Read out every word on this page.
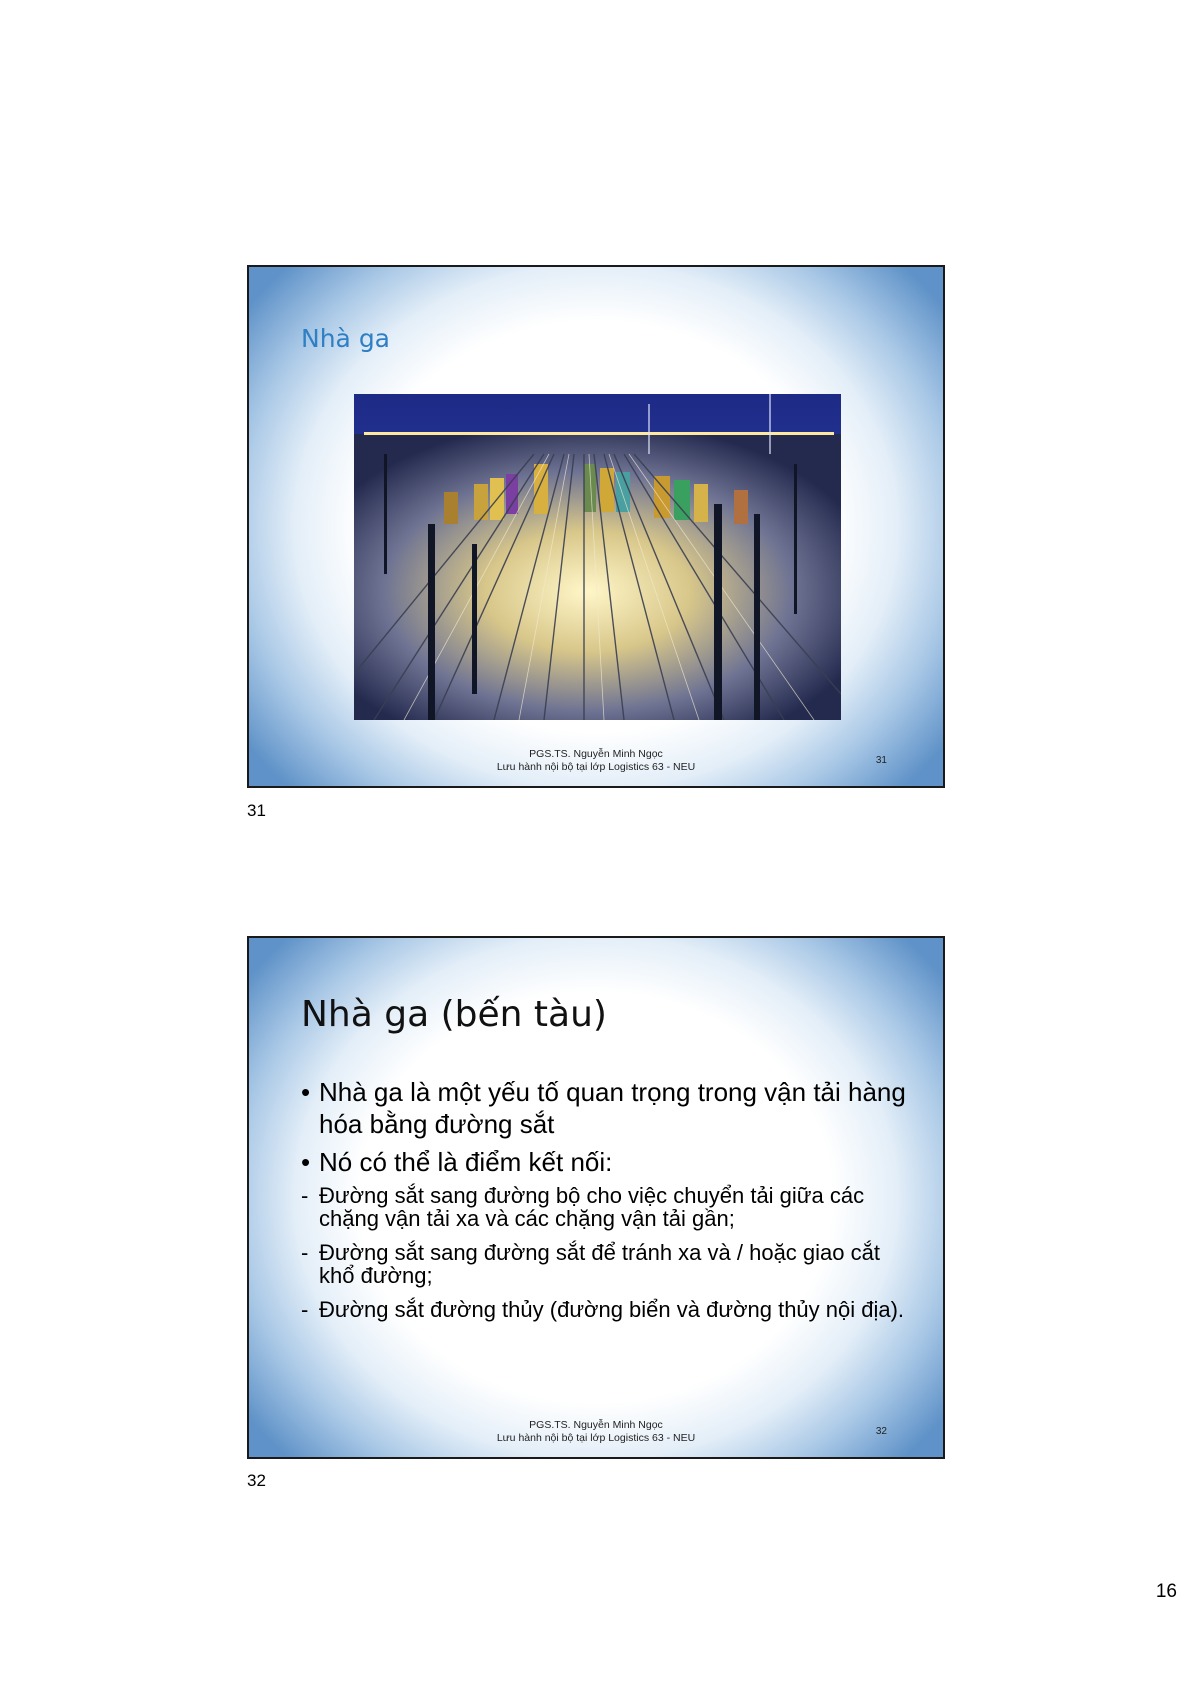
Nhà ga
PGS.TS. Nguyễn Minh Ngọc
Lưu hành nội bộ tại lớp Logistics 63 - NEU
31
31
Nhà ga (bến tàu)
• Nhà ga là một yếu tố quan trọng trong vận tải hàng hóa bằng đường sắt
• Nó có thể là điểm kết nối:
- Đường sắt sang đường bộ cho việc chuyển tải giữa các chặng vận tải xa và các chặng vận tải gần;
- Đường sắt sang đường sắt để tránh xa và / hoặc giao cắt khổ đường;
- Đường sắt đường thủy (đường biển và đường thủy nội địa).
PGS.TS. Nguyễn Minh Ngọc
Lưu hành nội bộ tại lớp Logistics 63 - NEU
32
32
16
